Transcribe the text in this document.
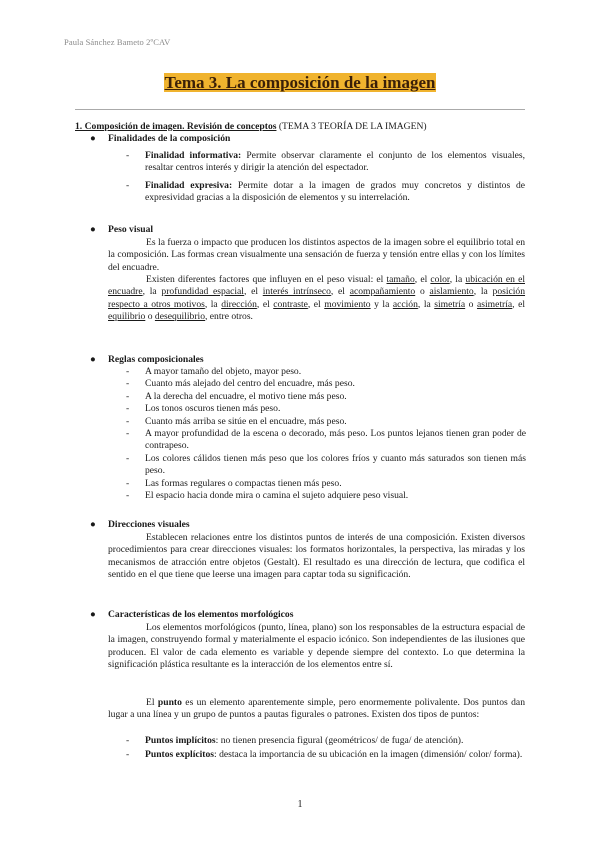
Paula Sánchez Bameto 2ºCAV
Tema 3. La composición de la imagen
1. Composición de imagen. Revisión de conceptos (TEMA 3 TEORÍA DE LA IMAGEN)
● Finalidades de la composición
- Finalidad informativa: Permite observar claramente el conjunto de los elementos visuales, resaltar centros interés y dirigir la atención del espectador.
- Finalidad expresiva: Permite dotar a la imagen de grados muy concretos y distintos de expresividad gracias a la disposición de elementos y su interrelación.
● Peso visual
Es la fuerza o impacto que producen los distintos aspectos de la imagen sobre el equilibrio total en la composición. Las formas crean visualmente una sensación de fuerza y tensión entre ellas y con los límites del encuadre.
Existen diferentes factores que influyen en el peso visual: el tamaño, el color, la ubicación en el encuadre, la profundidad espacial, el interés intrínseco, el acompañamiento o aislamiento, la posición respecto a otros motivos, la dirección, el contraste, el movimiento y la acción, la simetría o asimetría, el equilibrio o desequilibrio, entre otros.
● Reglas composicionales
- A mayor tamaño del objeto, mayor peso.
- Cuanto más alejado del centro del encuadre, más peso.
- A la derecha del encuadre, el motivo tiene más peso.
- Los tonos oscuros tienen más peso.
- Cuanto más arriba se sitúe en el encuadre, más peso.
- A mayor profundidad de la escena o decorado, más peso. Los puntos lejanos tienen gran poder de contrapeso.
- Los colores cálidos tienen más peso que los colores fríos y cuanto más saturados son tienen más peso.
- Las formas regulares o compactas tienen más peso.
- El espacio hacia donde mira o camina el sujeto adquiere peso visual.
● Direcciones visuales
Establecen relaciones entre los distintos puntos de interés de una composición. Existen diversos procedimientos para crear direcciones visuales: los formatos horizontales, la perspectiva, las miradas y los mecanismos de atracción entre objetos (Gestalt). El resultado es una dirección de lectura, que codifica el sentido en el que tiene que leerse una imagen para captar toda su significación.
● Características de los elementos morfológicos
Los elementos morfológicos (punto, línea, plano) son los responsables de la estructura espacial de la imagen, construyendo formal y materialmente el espacio icónico. Son independientes de las ilusiones que producen. El valor de cada elemento es variable y depende siempre del contexto. Lo que determina la significación plástica resultante es la interacción de los elementos entre sí.
El punto es un elemento aparentemente simple, pero enormemente polivalente. Dos puntos dan lugar a una línea y un grupo de puntos a pautas figurales o patrones. Existen dos tipos de puntos:
- Puntos implícitos: no tienen presencia figural (geométricos/ de fuga/ de atención).
- Puntos explícitos: destaca la importancia de su ubicación en la imagen (dimensión/ color/ forma).
1
